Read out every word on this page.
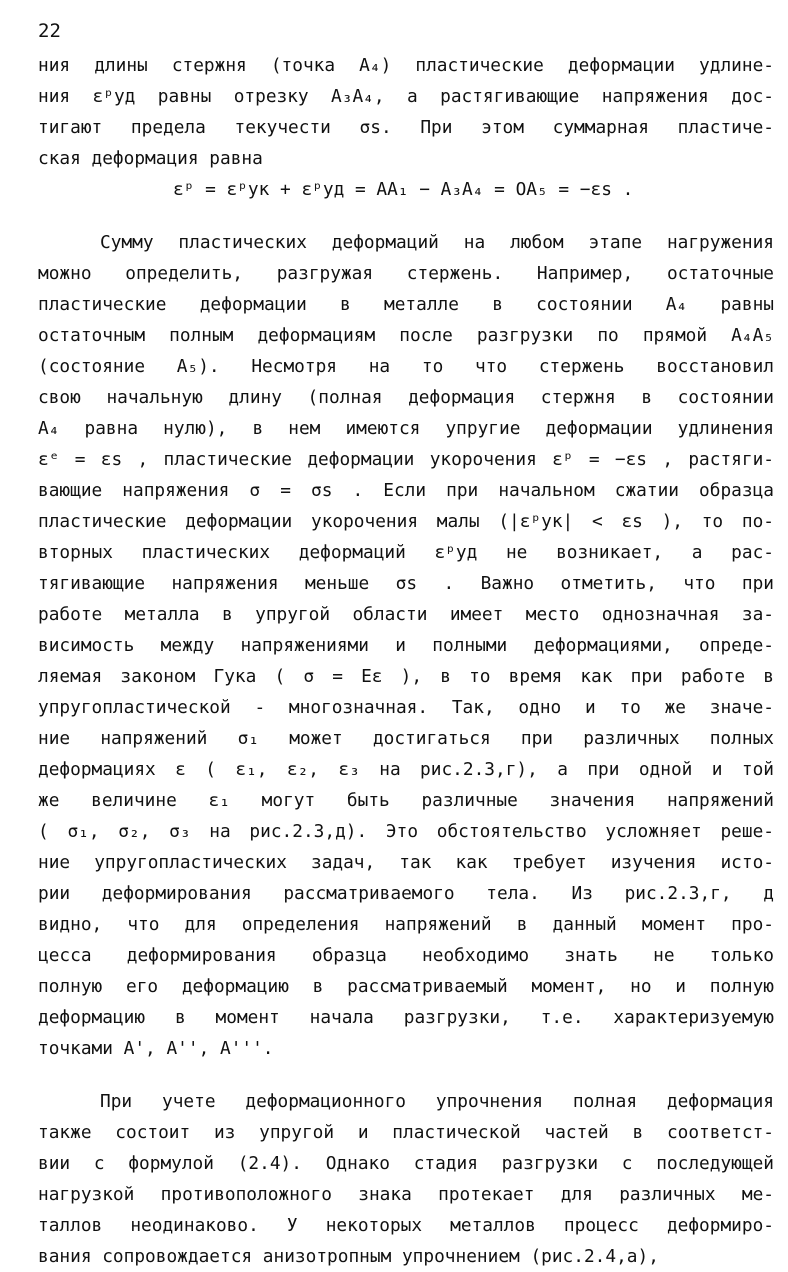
22
ния длины стержня (точка A₄) пластические деформации удлине-
ния εᵖуд равны отрезку A₃A₄, а растягивающие напряжения дос-
тигают предела текучести σs. При этом суммарная пластиче-
ская деформация равна
εᵖ = εᵖук + εᵖуд = AA₁ − A₃A₄ = OA₅ = −εs .
Сумму пластических деформаций на любом этапе нагружения
можно определить, разгружая стержень. Например, остаточные
пластические деформации в металле в состоянии A₄ равны
остаточным полным деформациям после разгрузки по прямой A₄A₅
(состояние A₅). Несмотря на то что стержень восстановил
свою начальную длину (полная деформация стержня в состоянии
A₄ равна нулю), в нем имеются упругие деформации удлинения
εᵉ = εs , пластические деформации укорочения εᵖ = −εs , растяги-
вающие напряжения σ = σs . Если при начальном сжатии образца
пластические деформации укорочения малы (|εᵖук| < εs ), то по-
вторных пластических деформаций εᵖуд не возникает, а рас-
тягивающие напряжения меньше σs . Важно отметить, что при
работе металла в упругой области имеет место однозначная за-
висимость между напряжениями и полными деформациями, опреде-
ляемая законом Гука ( σ = Eε ), в то время как при работе в
упругопластической - многозначная. Так, одно и то же значе-
ние напряжений σ₁ может достигаться при различных полных
деформациях ε ( ε₁, ε₂, ε₃ на рис.2.3,г), а при одной и той
же величине ε₁ могут быть различные значения напряжений
( σ₁, σ₂, σ₃ на рис.2.3,д). Это обстоятельство усложняет реше-
ние упругопластических задач, так как требует изучения исто-
рии деформирования рассматриваемого тела. Из рис.2.3,г, д
видно, что для определения напряжений в данный момент про-
цесса деформирования образца необходимо знать не только
полную его деформацию в рассматриваемый момент, но и полную
деформацию в момент начала разгрузки, т.е. характеризуемую
точками A', A'', A'''.
При учете деформационного упрочнения полная деформация
также состоит из упругой и пластической частей в соответст-
вии с формулой (2.4). Однако стадия разгрузки с последующей
нагрузкой противоположного знака протекает для различных ме-
таллов неодинаково. У некоторых металлов процесс деформиро-
вания сопровождается анизотропным упрочнением (рис.2.4,а),
